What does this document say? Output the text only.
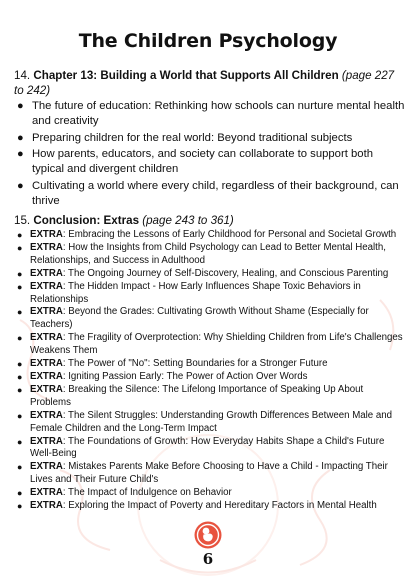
The Children Psychology
14. Chapter 13: Building a World that Supports All Children (page 227 to 242)
● The future of education: Rethinking how schools can nurture mental health and creativity
● Preparing children for the real world: Beyond traditional subjects
● How parents, educators, and society can collaborate to support both typical and divergent children
● Cultivating a world where every child, regardless of their background, can thrive
15. Conclusion: Extras (page 243 to 361)
● EXTRA: Embracing the Lessons of Early Childhood for Personal and Societal Growth
● EXTRA: How the Insights from Child Psychology can Lead to Better Mental Health, Relationships, and Success in Adulthood
● EXTRA: The Ongoing Journey of Self-Discovery, Healing, and Conscious Parenting
● EXTRA: The Hidden Impact - How Early Influences Shape Toxic Behaviors in Relationships
● EXTRA: Beyond the Grades: Cultivating Growth Without Shame (Especially for Teachers)
● EXTRA: The Fragility of Overprotection: Why Shielding Children from Life's Challenges Weakens Them
● EXTRA: The Power of "No": Setting Boundaries for a Stronger Future
● EXTRA: Igniting Passion Early: The Power of Action Over Words
● EXTRA: Breaking the Silence: The Lifelong Importance of Speaking Up About Problems
● EXTRA: The Silent Struggles: Understanding Growth Differences Between Male and Female Children and the Long-Term Impact
● EXTRA: The Foundations of Growth: How Everyday Habits Shape a Child's Future Well-Being
● EXTRA: Mistakes Parents Make Before Choosing to Have a Child - Impacting Their Lives and Their Future Child's
● EXTRA: The Impact of Indulgence on Behavior
● EXTRA: Exploring the Impact of Poverty and Hereditary Factors in Mental Health
6
